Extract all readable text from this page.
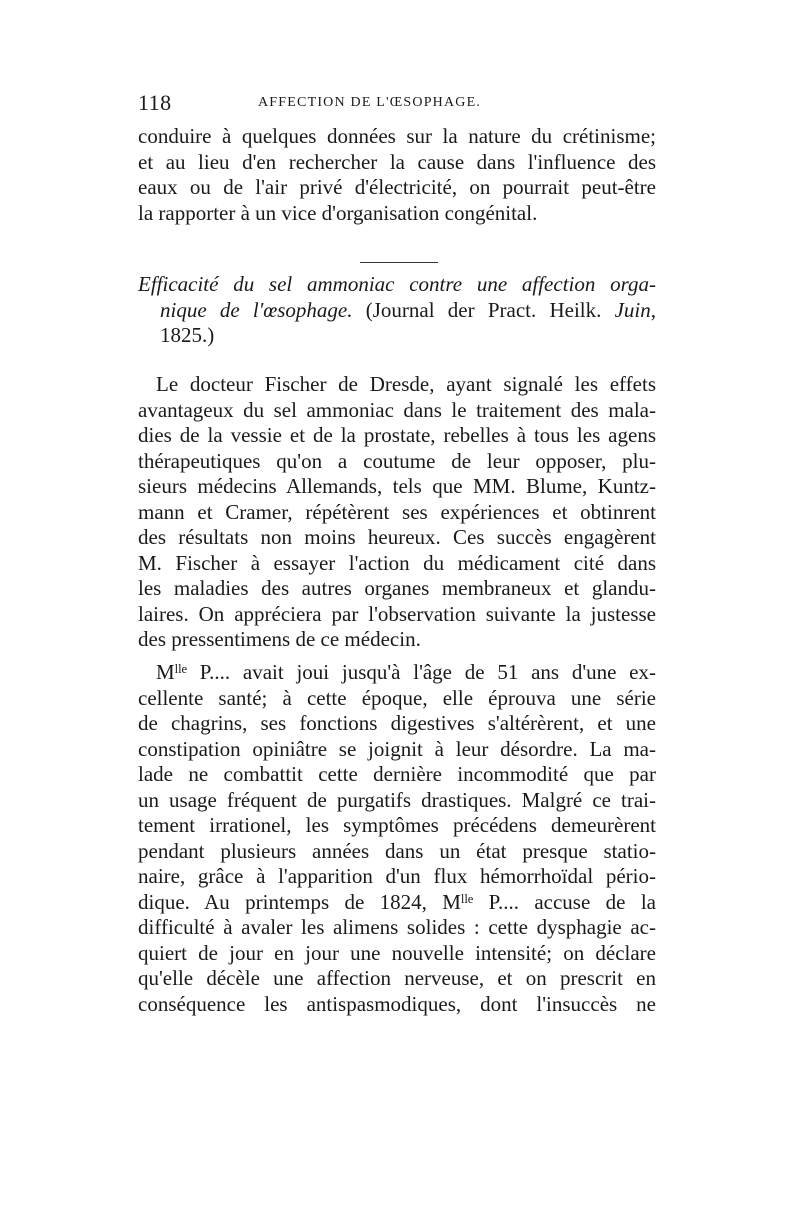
118	AFFECTION DE L'ŒSOPHAGE.
conduire à quelques données sur la nature du crétinisme;
et au lieu d'en rechercher la cause dans l'influence des
eaux ou de l'air privé d'électricité, on pourrait peut-être
la rapporter à un vice d'organisation congénital.
Efficacité du sel ammoniac contre une affection orga-
nique de l'œsophage. (Journal der Pract. Heilk. Juin,
1825.)
Le docteur Fischer de Dresde, ayant signalé les effets
avantageux du sel ammoniac dans le traitement des mala-
dies de la vessie et de la prostate, rebelles à tous les agens
thérapeutiques qu'on a coutume de leur opposer, plu-
sieurs médecins Allemands, tels que MM. Blume, Kuntz-
mann et Cramer, répétèrent ses expériences et obtinrent
des résultats non moins heureux. Ces succès engagèrent
M. Fischer à essayer l'action du médicament cité dans
les maladies des autres organes membraneux et glandu-
laires. On appréciera par l'observation suivante la justesse
des pressentimens de ce médecin.
Mˡˡᵉ P.... avait joui jusqu'à l'âge de 51 ans d'une ex-
cellente santé; à cette époque, elle éprouva une série
de chagrins, ses fonctions digestives s'altérèrent, et une
constipation opiniâtre se joignit à leur désordre. La ma-
lade ne combattit cette dernière incommodité que par
un usage fréquent de purgatifs drastiques. Malgré ce trai-
tement irrationel, les symptômes précédens demeurèrent
pendant plusieurs années dans un état presque statio-
naire, grâce à l'apparition d'un flux hémorrhoïdal pério-
dique. Au printemps de 1824, Mˡˡᵉ P.... accuse de la
difficulté à avaler les alimens solides : cette dysphagie ac-
quiert de jour en jour une nouvelle intensité; on déclare
qu'elle décèle une affection nerveuse, et on prescrit en
conséquence les antispasmodiques, dont l'insuccès ne
